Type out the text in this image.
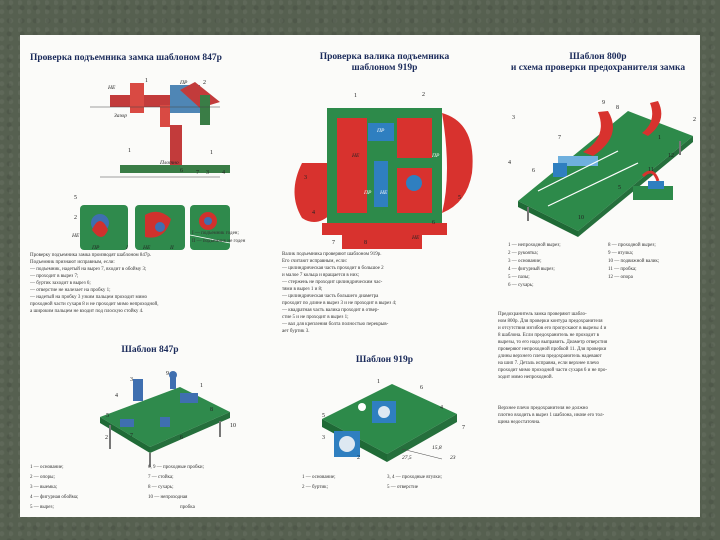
Проверка подъемника замка шаблоном 847р
НЕ
1	ПР	2
Зазор
1
Плотно
1
6 7 3 4
5
2
НЕ
ПР	I	НЕ	II
I — подъемник годен;
II — подъемник не годен
Проверку подъемника замка производят шаблоном 847р.
Подъемник признают исправным, если:
— подъемник, надетый на вырез 7, входит в обойму 3;
— проходит в вырез 7;
— буртик заходит в вырез 6;
— отверстие не налезает на пробку 1;
— надетый на пробку 3 узким пальцем проходит мимо
проходной части сухаря 8 и не проходит мимо непроходной,
а широким пальцем не входит под плоскую стойку 4.
Шаблон 847р
3
9
1
4
2
8
5
6
7
10
1 — основание;
2 — опоры;
3 — выемка;
4 — фигурная обойма;
5 — вырез;
6, 9 — проходные пробки;
7 — стойка;
8 — сухарь;
10 — непроходная
пробка
Проверка валика подъемника
шаблоном 919р
1	2
3
ПР
НЕ
4
5
6
7	8
НЕ
ПР НЕ
ПР
Валик подъемника проверяют шаблоном 919р.
Его считают исправным, если:
— цилиндрическая часть проходит в большое 2
и малое 7 кольца и вращается в них;
— стержень не проходит цилиндрическим час-
тями в вырез 1 и 8;
— цилиндрическая часть большего диаметра
проходит по длине в вырез 3 и не проходит в вырез 4;
— квадратная часть валика проходит в отвер-
стие 5 и не проходит в вырез 1;
— вал для крепления болта полностью перекрыв-
ает буртик 3.
Шаблон 919р
1
6
4
5
3
2
7
15,8
27,5	23
1 — основание;
2 — буртик;
3, 4 — проходные втулки;
5 — отверстие
Шаблон 800р
и схема проверки предохранителя замка
3
9
8
7
6
5
4
11
12
1
2
10
1 — непроходной вырез;
2 — рукоятка;
3 — основание;
4 — фигурный вырез;
5 — пазы;
6 — сухарь;
8 — проходной вырез;
9 — втулка;
10 — подвижной валик;
11 — пробка;
12 — опора
Предохранитель замка проверяют шабло-
ном 800р. Для проверки контура предохранителя
и отсутствия изгибов его пропускают в вырезы 4 и
8 шаблона. Если предохранитель не проходит в
вырезы, то его надо выправить. Диаметр отверстия
проверяют непроходной пробкой 11. Для проверки
длины верхнего плеча предохранитель надевают
на шип 7. Деталь исправна, если верхнее плечо
проходит мимо проходной части сухаря 6 и не про-
ходит мимо непроходной.
Верхнее плечо предохранителя не должно
плотно входить в вырез 1 шаблона, иначе его тол-
щина недостаточна.
